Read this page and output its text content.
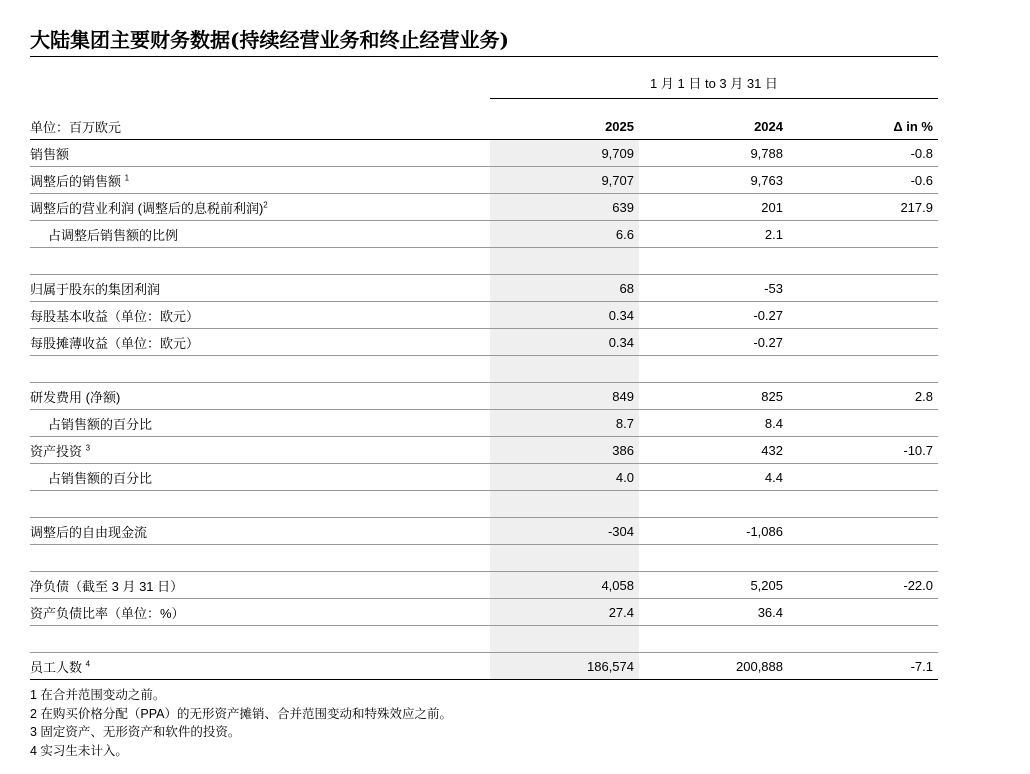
大陆集团主要财务数据(持续经营业务和终止经营业务)
1 月 1 日 to 3 月 31 日
单位：百万欧元	2025	2024	Δ in %
销售额	9,709	9,788	-0.8
调整后的销售额 $^1$	9,707	9,763	-0.6
调整后的营业利润 (调整后的息税前利润)$^2$	639	201	217.9
占调整后销售额的比例	6.6	2.1	

归属于股东的集团利润	68	-53	
每股基本收益（单位：欧元）	0.34	-0.27	
每股摊薄收益（单位：欧元）	0.34	-0.27	

研发费用 (净额)	849	825	2.8
占销售额的百分比	8.7	8.4	
资产投资 $^3$	386	432	-10.7
占销售额的百分比	4.0	4.4	

调整后的自由现金流	-304	-1,086	

净负债（截至 3 月 31 日）	4,058	5,205	-22.0
资产负债比率（单位：%）	27.4	36.4	

员工人数 $^4$	186,574	200,888	-7.1
1 在合并范围变动之前。
2 在购买价格分配（PPA）的无形资产摊销、合并范围变动和特殊效应之前。
3 固定资产、无形资产和软件的投资。
4 实习生未计入。
